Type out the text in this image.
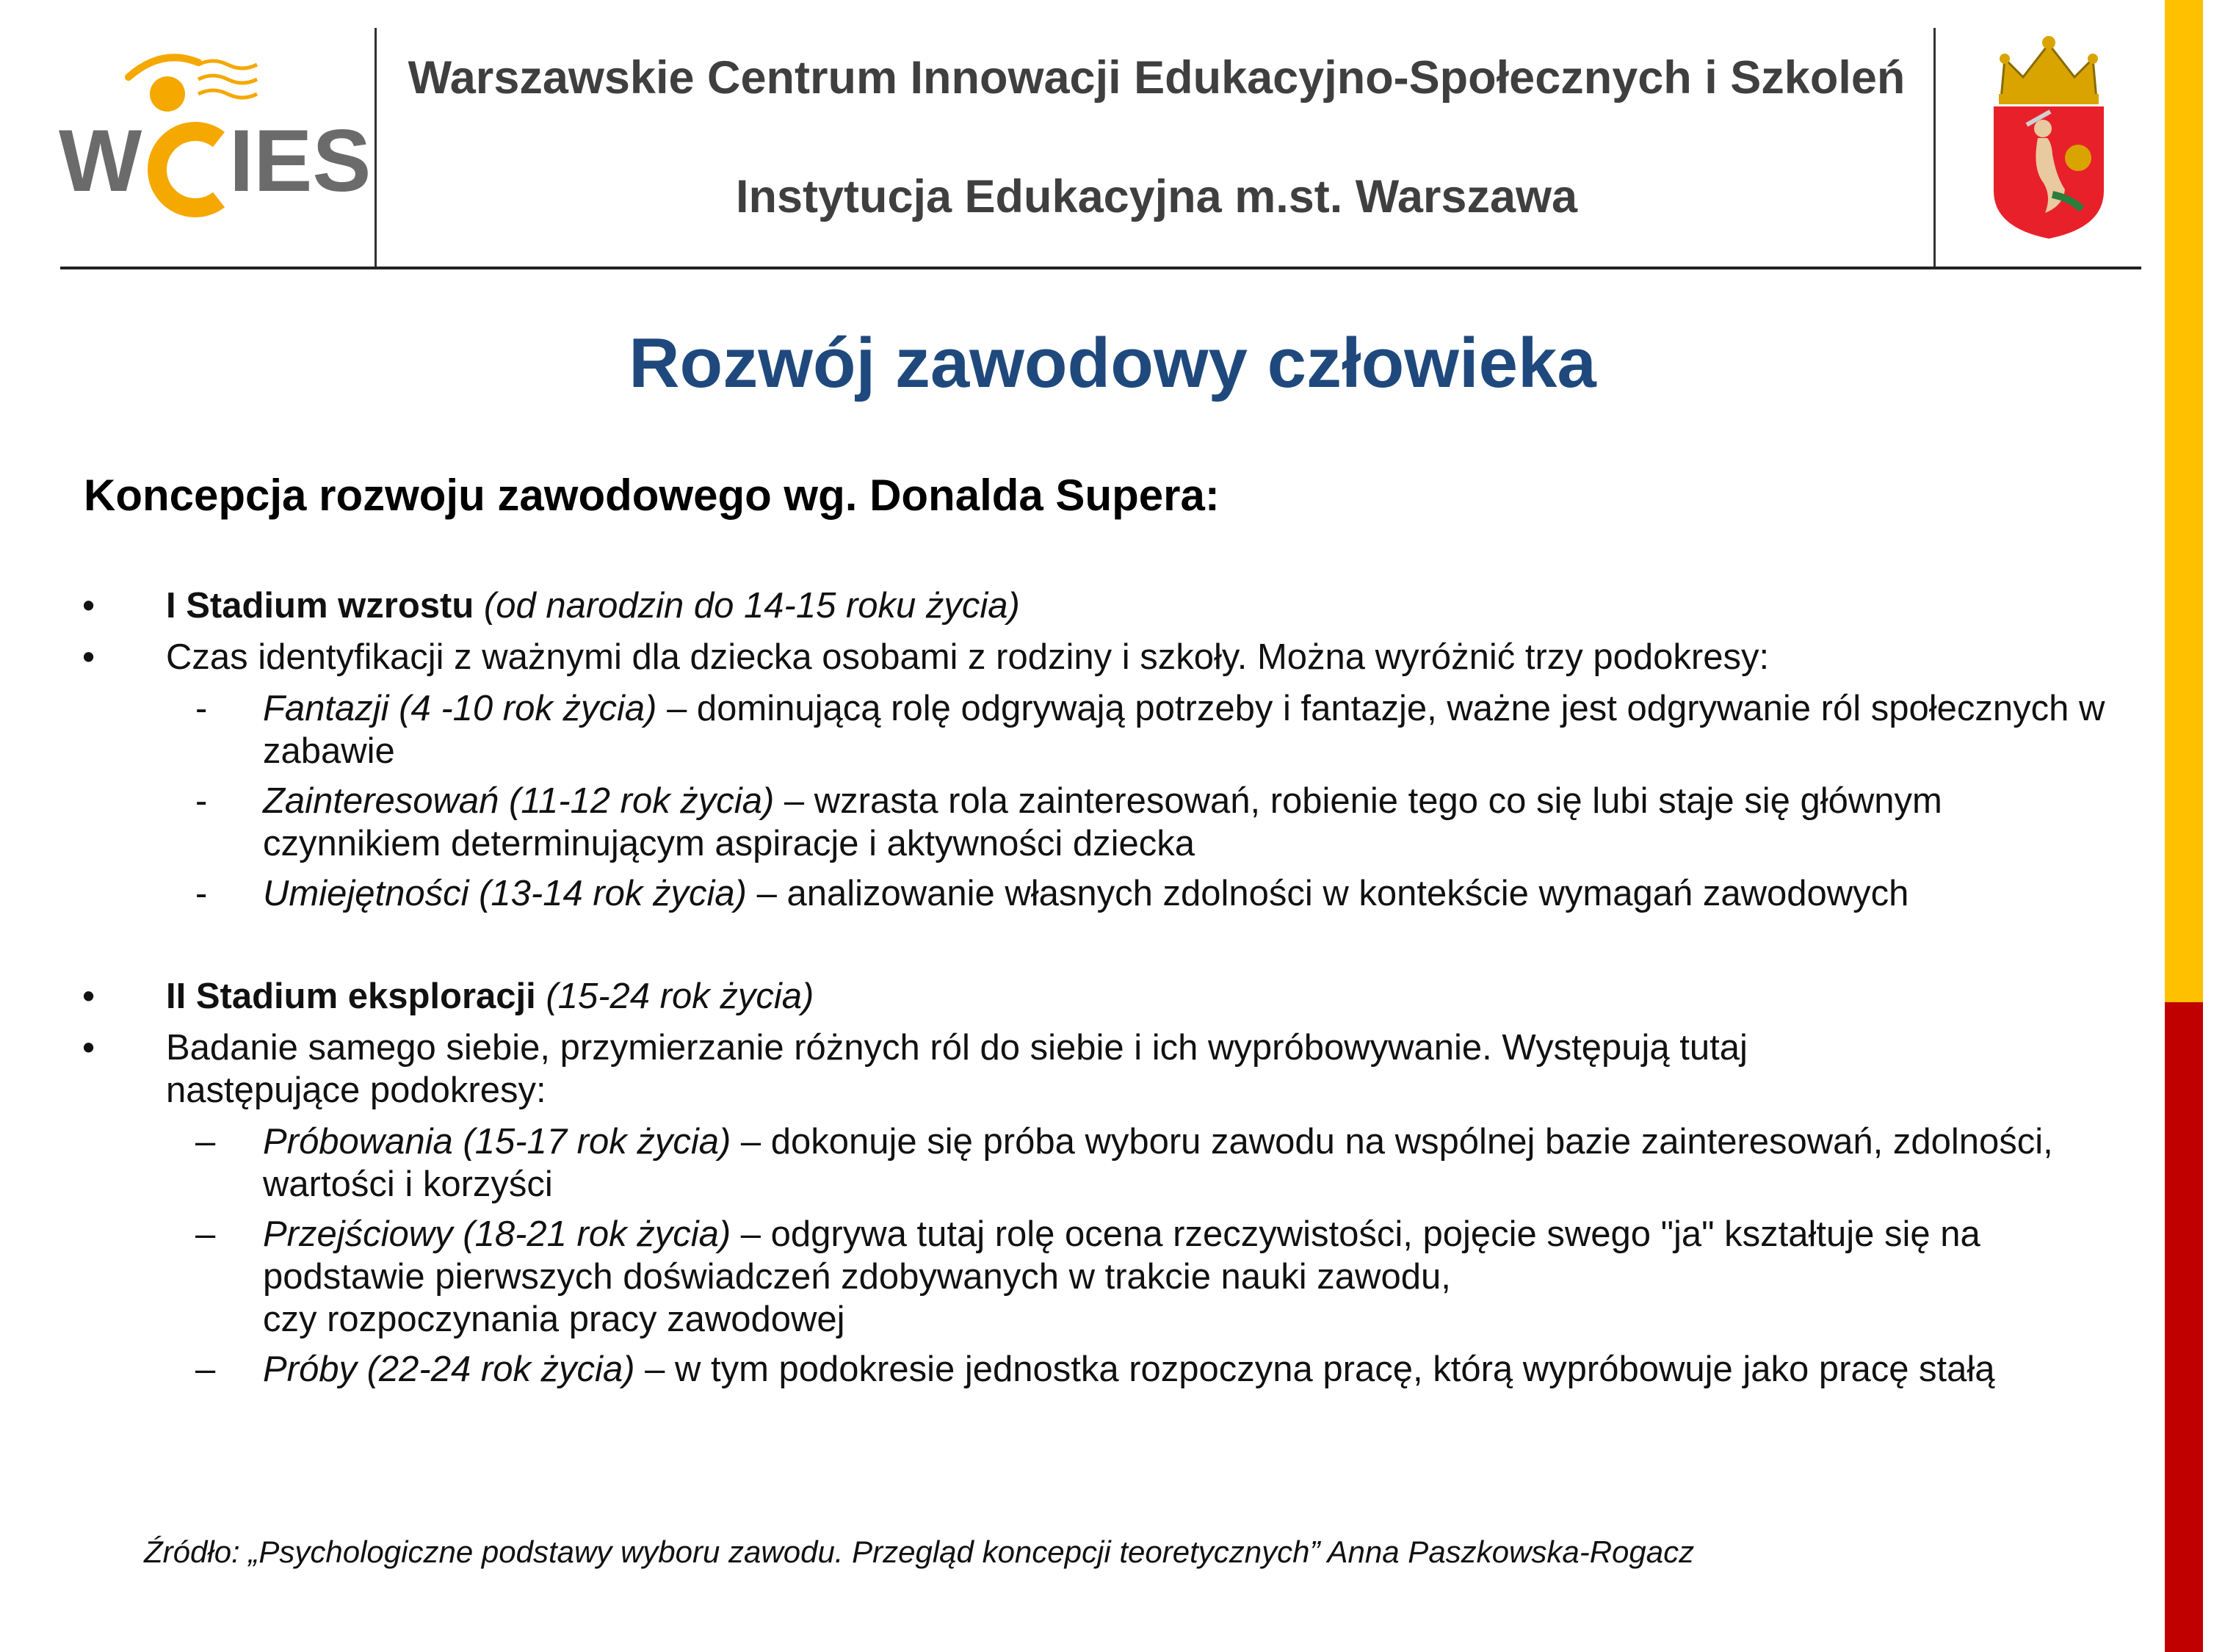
W IES
Warszawskie Centrum Innowacji Edukacyjno-Społecznych i Szkoleń
Instytucja Edukacyjna m.st. Warszawa
Rozwój zawodowy człowieka
Koncepcja rozwoju zawodowego wg. Donalda Supera:
• I Stadium wzrostu (od narodzin do 14-15 roku życia)
• Czas identyfikacji z ważnymi dla dziecka osobami z rodziny i szkoły. Można wyróżnić trzy podokresy:
- Fantazji (4 -10 rok życia) – dominującą rolę odgrywają potrzeby i fantazje, ważne jest odgrywanie ról społecznych w zabawie
- Zainteresowań (11-12 rok życia) – wzrasta rola zainteresowań, robienie tego co się lubi staje się głównym czynnikiem determinującym aspiracje i aktywności dziecka
- Umiejętności (13-14 rok życia) – analizowanie własnych zdolności w kontekście wymagań zawodowych
• II Stadium eksploracji (15-24 rok życia)
• Badanie samego siebie, przymierzanie różnych ról do siebie i ich wypróbowywanie. Występują tutaj następujące podokresy:
– Próbowania (15-17 rok życia) – dokonuje się próba wyboru zawodu na wspólnej bazie zainteresowań, zdolności, wartości i korzyści
– Przejściowy (18-21 rok życia) – odgrywa tutaj rolę ocena rzeczywistości, pojęcie swego "ja" kształtuje się na podstawie pierwszych doświadczeń zdobywanych w trakcie nauki zawodu,
czy rozpoczynania pracy zawodowej
– Próby (22-24 rok życia) – w tym podokresie jednostka rozpoczyna pracę, którą wypróbowuje jako pracę stałą
Źródło: „Psychologiczne podstawy wyboru zawodu. Przegląd koncepcji teoretycznych” Anna Paszkowska-Rogacz
